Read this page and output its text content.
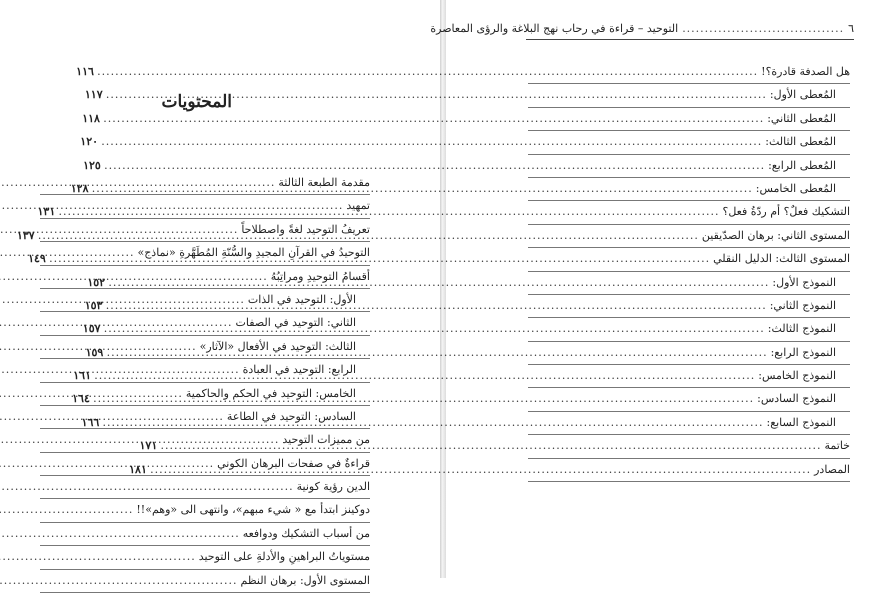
المحتويات
مقدمة الطبعة الثالثة
.....
تمهيد
.....
تعريفُ التوحيد لغةً واصطلاحاً
.....
التوحيدُ في القرآنِ المجيدِ والسُّنّةِ المُطَهَّرةِ «نماذج»
.....
أقسامُ التوحيدِ ومراتِبُهُ
.....
الأول: التوحيد في الذات
.....
الثاني: التوحيد في الصفات
.....
الثالث: التوحيد في الأفعال «الآثار»
.....
الرابع: التوحيد في العبادة
.....
الخامس: التوحيد في الحكم والحاكمية
.....
السادس: التوحيد في الطاعة
.....
من مميزات التوحيد
.....
قراءةٌ في صفحات البرهان الكوني
.....
الدين رؤية كونية
.....
دوكينز ابتدأ مع « شيء مبهم»، وانتهى الى «وهم»!!
.....
من أسباب التشكيك ودوافعه
.....
مستوياتُ البراهينِ والأدلةِ على التوحيد
.....
المستوى الأول: برهان النظم
.....
٦
....................................
التوحيد – قراءة في رحاب نهج البلاغة والرؤى المعاصرة
هل الصدفة قادرة؟!
.....
١١٦
المُعطى الأول:
.....
١١٧
المُعطى الثاني:
.....
١١٨
المُعطى الثالث:
.....
١٢٠
المُعطى الرابع:
.....
١٢٥
المُعطى الخامس:
.....
١٢٨
التشكيك فعلٌ؟ أم ردّةُ فعل؟
.....
١٣١
المستوى الثاني: برهان الصدّيقين
.....
١٣٧
المستوى الثالث: الدليل النقلي
.....
١٤٩
النموذج الأول:
.....
١٥٢
النموذج الثاني:
.....
١٥٣
النموذج الثالث:
.....
١٥٧
النموذج الرابع:
.....
١٥٩
النموذج الخامس:
.....
١٦١
النموذج السادس:
.....
١٦٤
النموذج السابع:
.....
١٦٦
خاتمة
.....
١٧١
المصادر
.....
١٨١
